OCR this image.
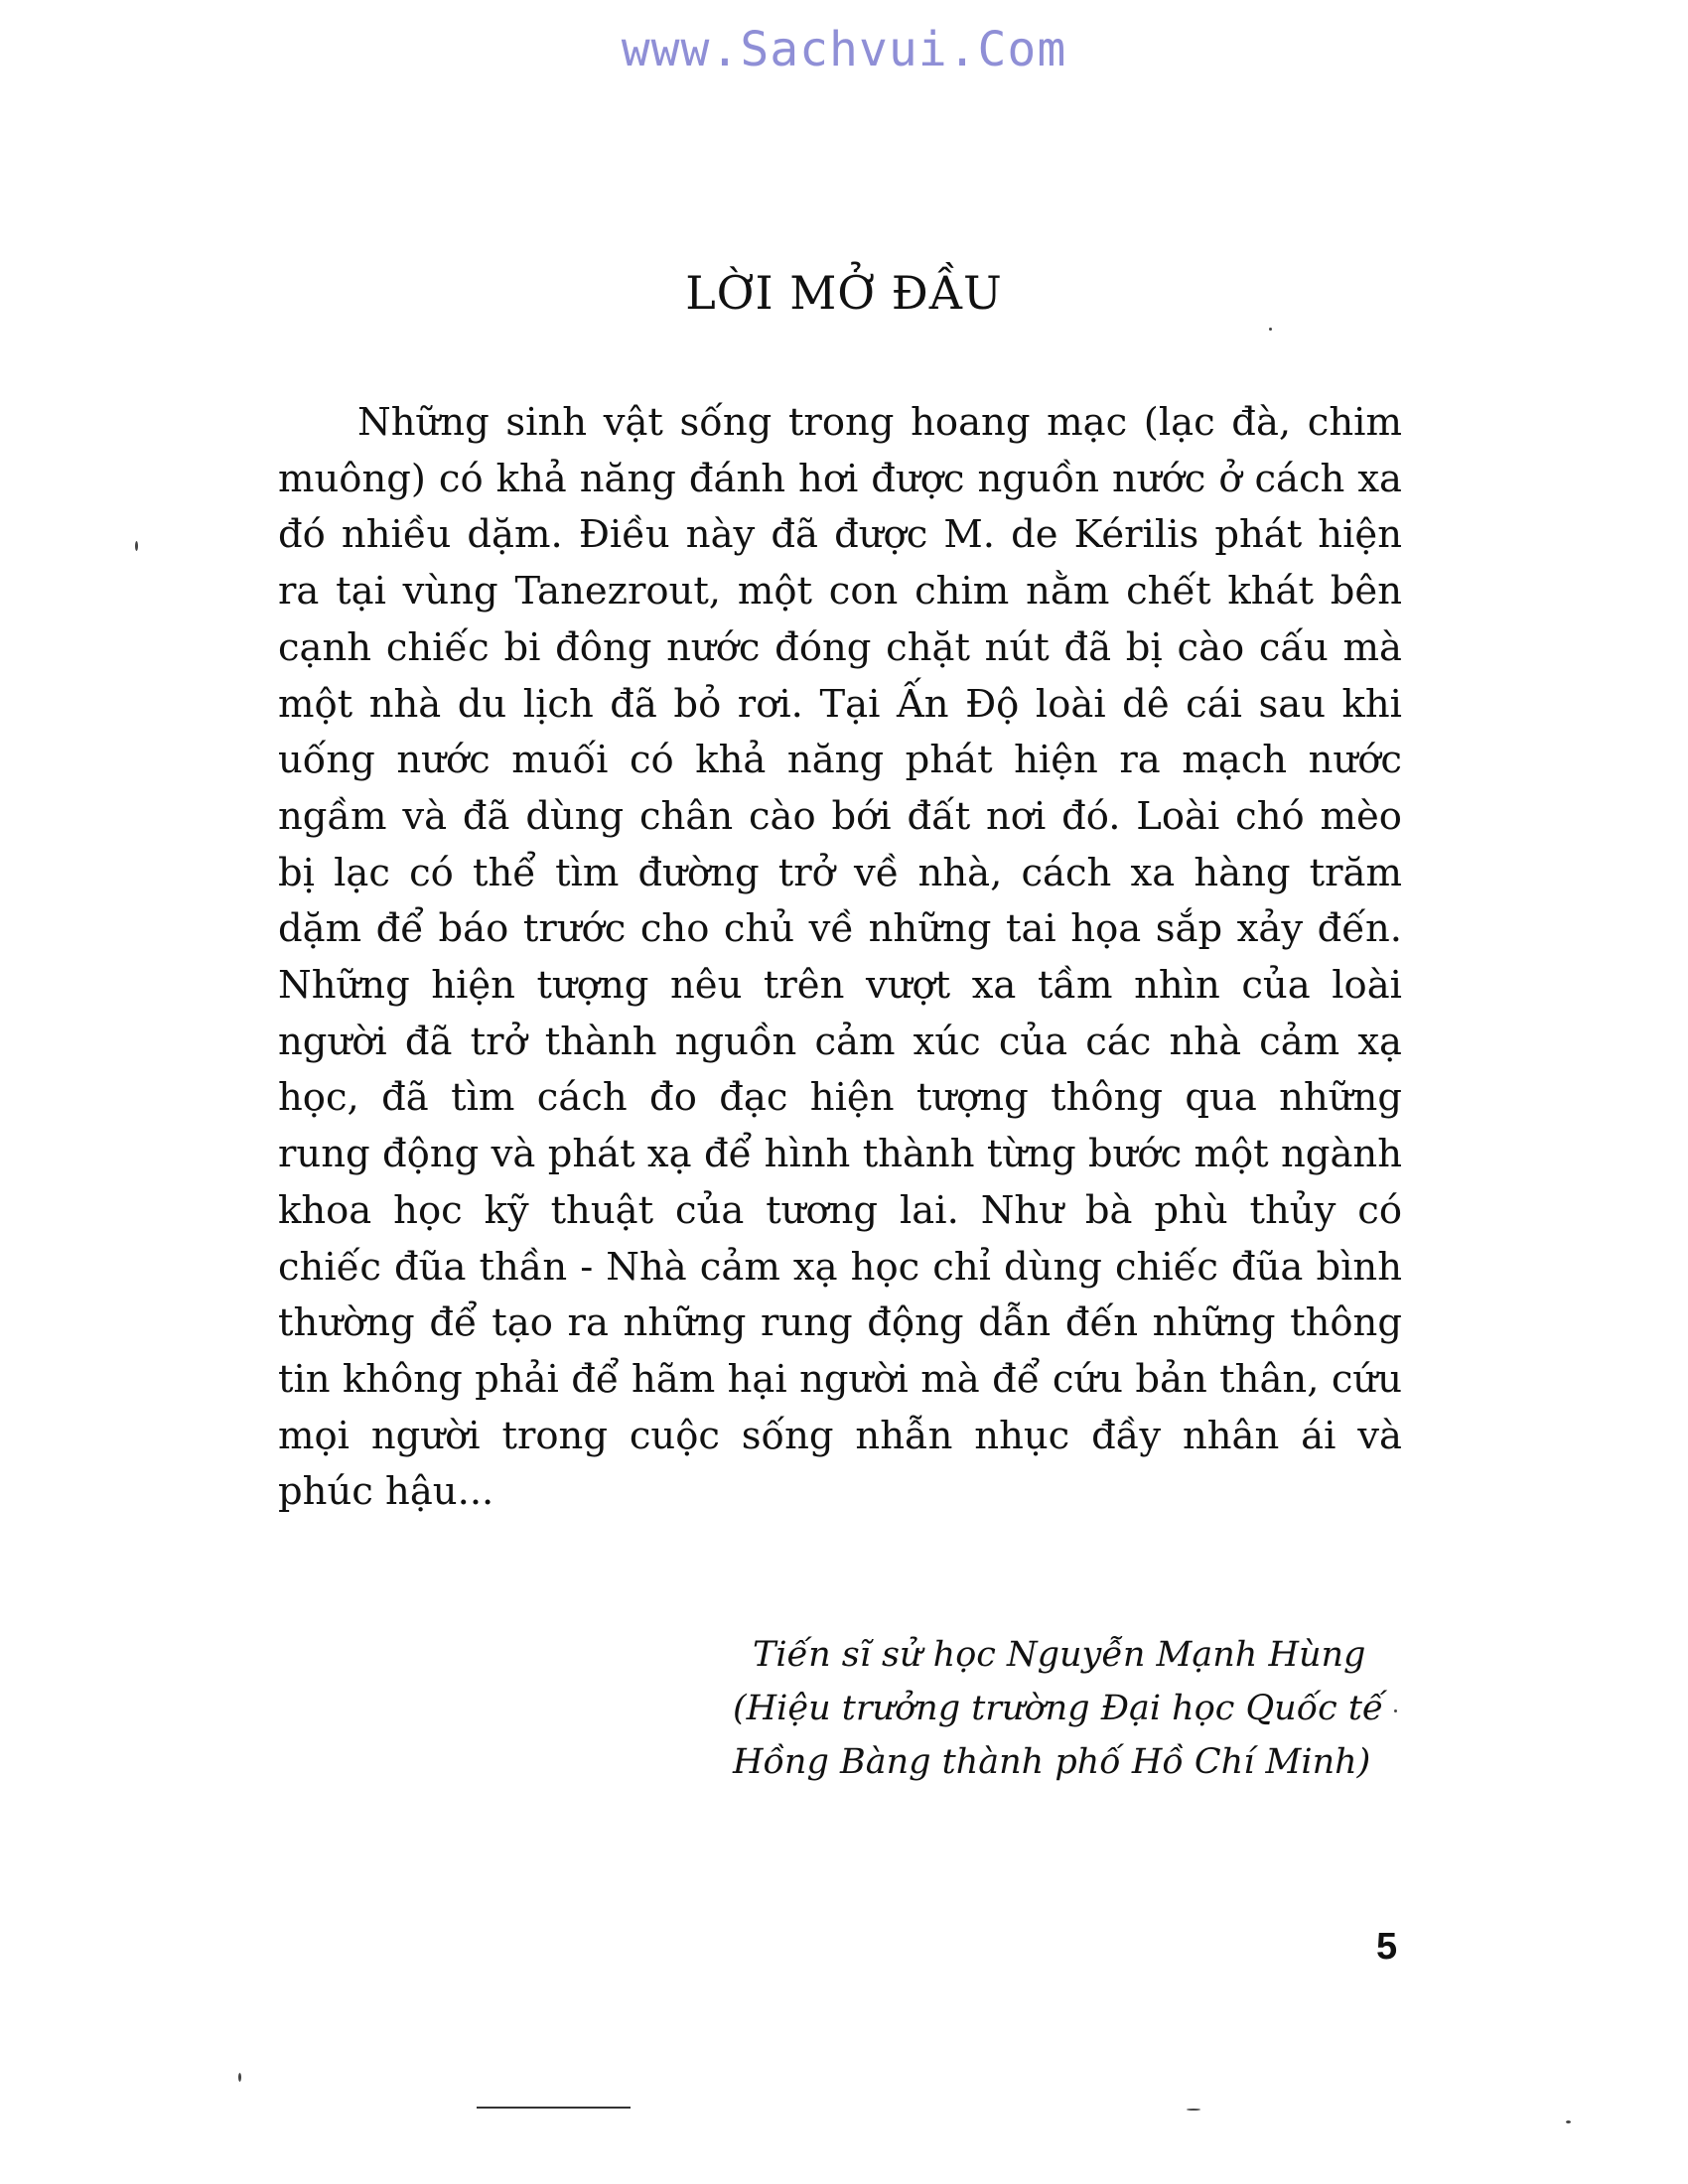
www.Sachvui.Com
LỜI MỞ ĐẦU

Những sinh vật sống trong hoang mạc (lạc đà, chim muông) có khả năng đánh hơi được nguồn nước ở cách xa đó nhiều dặm. Điều này đã được M. de Kérilis phát hiện ra tại vùng Tanezrout, một con chim nằm chết khát bên cạnh chiếc bi đông nước đóng chặt nút đã bị cào cấu mà một nhà du lịch đã bỏ rơi. Tại Ấn Độ loài dê cái sau khi uống nước muối có khả năng phát hiện ra mạch nước ngầm và đã dùng chân cào bới đất nơi đó. Loài chó mèo bị lạc có thể tìm đường trở về nhà, cách xa hàng trăm dặm để báo trước cho chủ về những tai họa sắp xảy đến. Những hiện tượng nêu trên vượt xa tầm nhìn của loài người đã trở thành nguồn cảm xúc của các nhà cảm xạ học, đã tìm cách đo đạc hiện tượng thông qua những rung động và phát xạ để hình thành từng bước một ngành khoa học kỹ thuật của tương lai. Như bà phù thủy có chiếc đũa thần - Nhà cảm xạ học chỉ dùng chiếc đũa bình thường để tạo ra những rung động dẫn đến những thông tin không phải để hãm hại người mà để cứu bản thân, cứu mọi người trong cuộc sống nhẫn nhục đầy nhân ái và phúc hậu...

Tiến sĩ sử học Nguyễn Mạnh Hùng
(Hiệu trưởng trường Đại học Quốc tế
Hồng Bàng thành phố Hồ Chí Minh)
5
